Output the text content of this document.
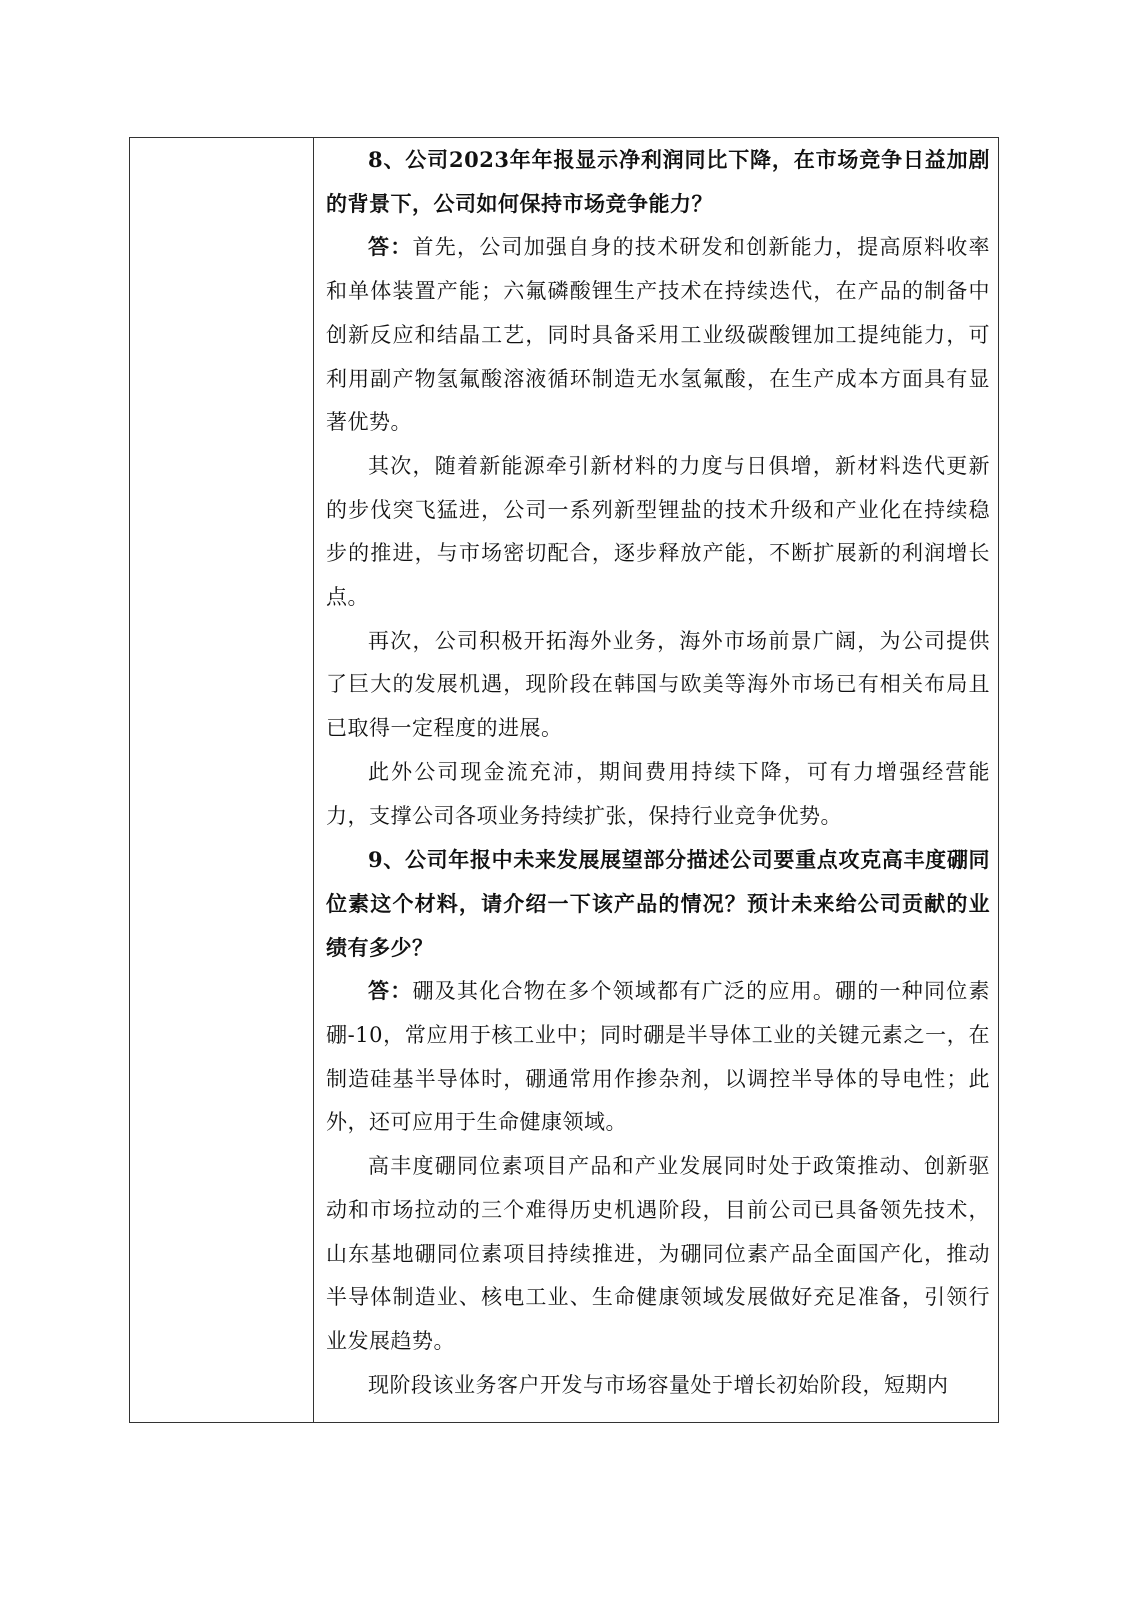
8、公司2023年年报显示净利润同比下降，在市场竞争日益加剧的背景下，公司如何保持市场竞争能力？

答：首先，公司加强自身的技术研发和创新能力，提高原料收率和单体装置产能；六氟磷酸锂生产技术在持续迭代，在产品的制备中创新反应和结晶工艺，同时具备采用工业级碳酸锂加工提纯能力，可利用副产物氢氟酸溶液循环制造无水氢氟酸，在生产成本方面具有显著优势。

其次，随着新能源牵引新材料的力度与日俱增，新材料迭代更新的步伐突飞猛进，公司一系列新型锂盐的技术升级和产业化在持续稳步的推进，与市场密切配合，逐步释放产能，不断扩展新的利润增长点。

再次，公司积极开拓海外业务，海外市场前景广阔，为公司提供了巨大的发展机遇，现阶段在韩国与欧美等海外市场已有相关布局且已取得一定程度的进展。

此外公司现金流充沛，期间费用持续下降，可有力增强经营能力，支撑公司各项业务持续扩张，保持行业竞争优势。

9、公司年报中未来发展展望部分描述公司要重点攻克高丰度硼同位素这个材料，请介绍一下该产品的情况？预计未来给公司贡献的业绩有多少？

答：硼及其化合物在多个领域都有广泛的应用。硼的一种同位素硼-10，常应用于核工业中；同时硼是半导体工业的关键元素之一，在制造硅基半导体时，硼通常用作掺杂剂，以调控半导体的导电性；此外，还可应用于生命健康领域。

高丰度硼同位素项目产品和产业发展同时处于政策推动、创新驱动和市场拉动的三个难得历史机遇阶段，目前公司已具备领先技术，山东基地硼同位素项目持续推进，为硼同位素产品全面国产化，推动半导体制造业、核电工业、生命健康领域发展做好充足准备，引领行业发展趋势。

现阶段该业务客户开发与市场容量处于增长初始阶段，短期内
